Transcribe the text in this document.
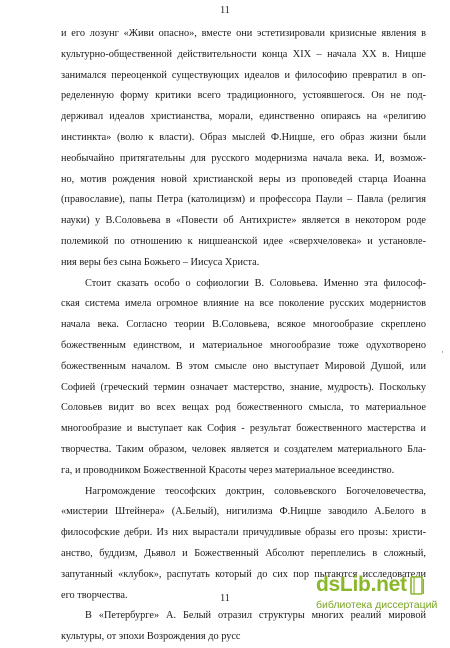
11
и его лозунг «Живи опасно», вместе они эстетизировали кризисные явления в
культурно-общественной действительности конца XIX – начала XX в. Ницше
занимался переоценкой существующих идеалов и философию превратил в оп-
ределенную форму критики всего традиционного, устоявшегося. Он не под-
держивал идеалов христианства, морали, единственно опираясь на «религию
инстинкта» (волю к власти). Образ мыслей Ф.Ницше, его образ жизни были
необычайно притягательны для русского модернизма начала века. И, возмож-
но, мотив рождения новой христианской веры из проповедей старца Иоанна
(православие), папы Петра (католицизм) и профессора Паули – Павла (религия
науки) у В.Соловьева в «Повести об Антихристе» является в некотором роде
полемикой по отношению к ницшеанской идее «сверхчеловека» и установле-
ния веры без сына Божьего – Иисуса Христа.
Стоит сказать особо о софиологии В. Соловьева. Именно эта философ-
ская система имела огромное влияние на все поколение русских модернистов
начала века. Согласно теории В.Соловьева, всякое многообразие скреплено
божественным единством, и материальное многообразие тоже одухотворено
божественным началом. В этом смысле оно выступает Мировой Душой, или
Софией (греческий термин означает мастерство, знание, мудрость). Поскольку
Соловьев видит во всех вещах род божественного смысла, то материальное
многообразие и выступает как София - результат божественного мастерства и
творчества. Таким образом, человек является и создателем материального Бла-
га, и проводником Божественной Красоты через материальное всеединство.
Нагромождение теософских доктрин, соловьевского Богочеловечества,
«мистерии Штейнера» (А.Белый), нигилизма Ф.Ницше заводило А.Белого в
философские дебри. Из них вырастали причудливые образы его прозы: христи-
анство, буддизм, Дьявол и Божественный Абсолют переплелись в сложный,
запутанный «клубок», распутать который до сих пор пытаются исследователи
его творчества.
В «Петербурге» А. Белый отразил структуры многих реалий мировой
культуры, от эпохи Возрождения до русс
·
11
dsLib.net
библиотека диссертаций
